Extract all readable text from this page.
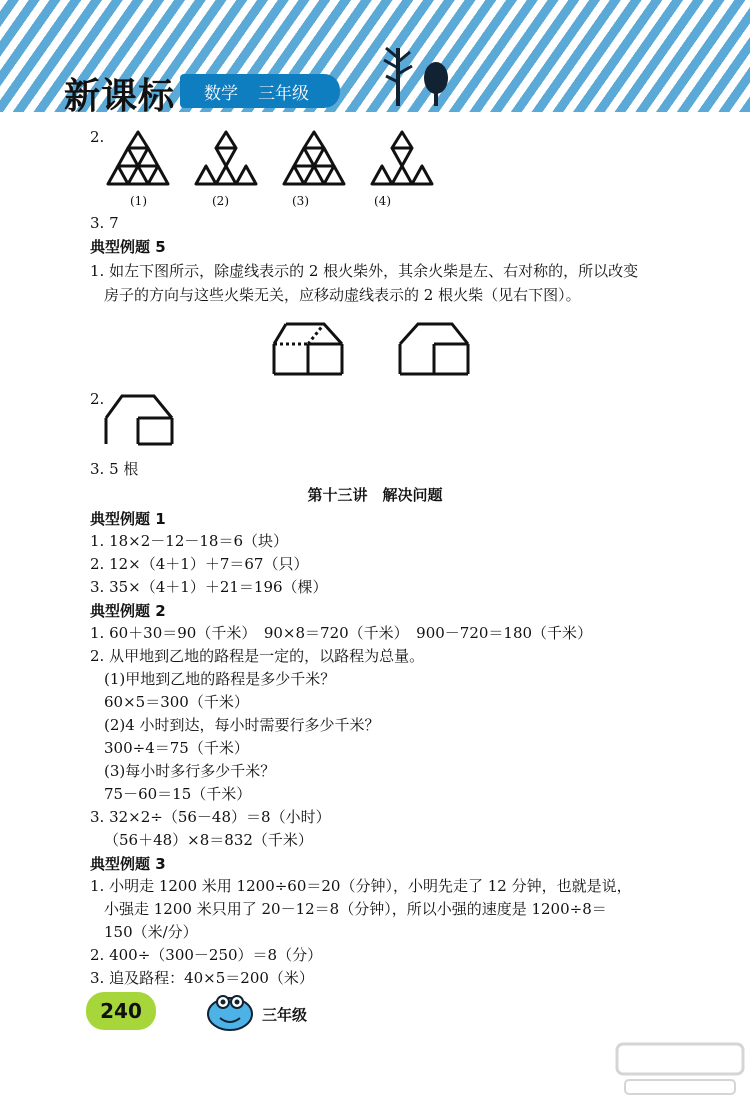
新课标 数学 三年级
2.
(1)	(2)	(3)	(4)
3. 7
典型例题 5
1. 如左下图所示，除虚线表示的 2 根火柴外，其余火柴是左、右对称的，所以改变
房子的方向与这些火柴无关，应移动虚线表示的 2 根火柴（见右下图）。
2.
3. 5 根
第十三讲　解决问题
典型例题 1
1. 18×2－12－18＝6（块）
2. 12×（4＋1）＋7＝67（只）
3. 35×（4＋1）＋21＝196（棵）
典型例题 2
1. 60＋30＝90（千米）　90×8＝720（千米）　900－720＝180（千米）
2. 从甲地到乙地的路程是一定的，以路程为总量。
(1)甲地到乙地的路程是多少千米？
60×5＝300（千米）
(2)4 小时到达，每小时需要行多少千米？
300÷4＝75（千米）
(3)每小时多行多少千米？
75－60＝15（千米）
3. 32×2÷（56－48）＝8（小时）
（56＋48）×8＝832（千米）
典型例题 3
1. 小明走 1200 米用 1200÷60＝20（分钟），小明先走了 12 分钟，也就是说，
小强走 1200 米只用了 20－12＝8（分钟），所以小强的速度是 1200÷8＝
150（米/分）
2. 400÷（300－250）＝8（分）
3. 追及路程：40×5＝200（米）
240	三年级
